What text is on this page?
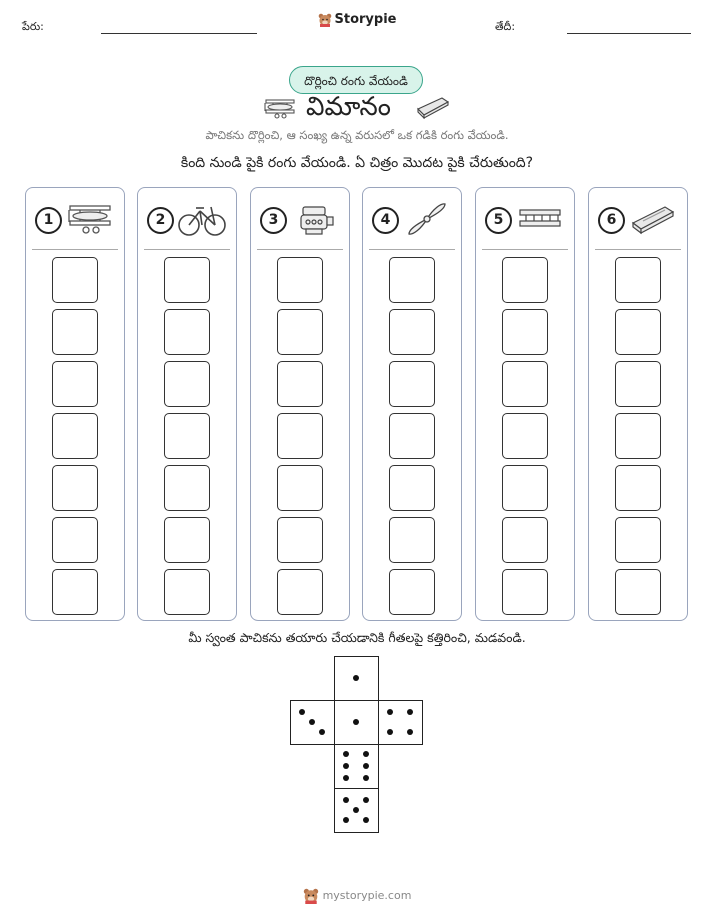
పేరు:	Storypie	తేదీ:
దొర్లించి రంగు వేయండి
విమానం
పాచికను దొర్లించి, ఆ సంఖ్య ఉన్న వరుసలో ఒక గడికి రంగు వేయండి.
కింది నుండి పైకి రంగు వేయండి. ఏ చిత్రం మొదట పైకి చేరుతుంది?
1	2	3	4	5	6
మీ స్వంత పాచికను తయారు చేయడానికి గీతలపై కత్తిరించి, మడవండి.
mystorypie.com
